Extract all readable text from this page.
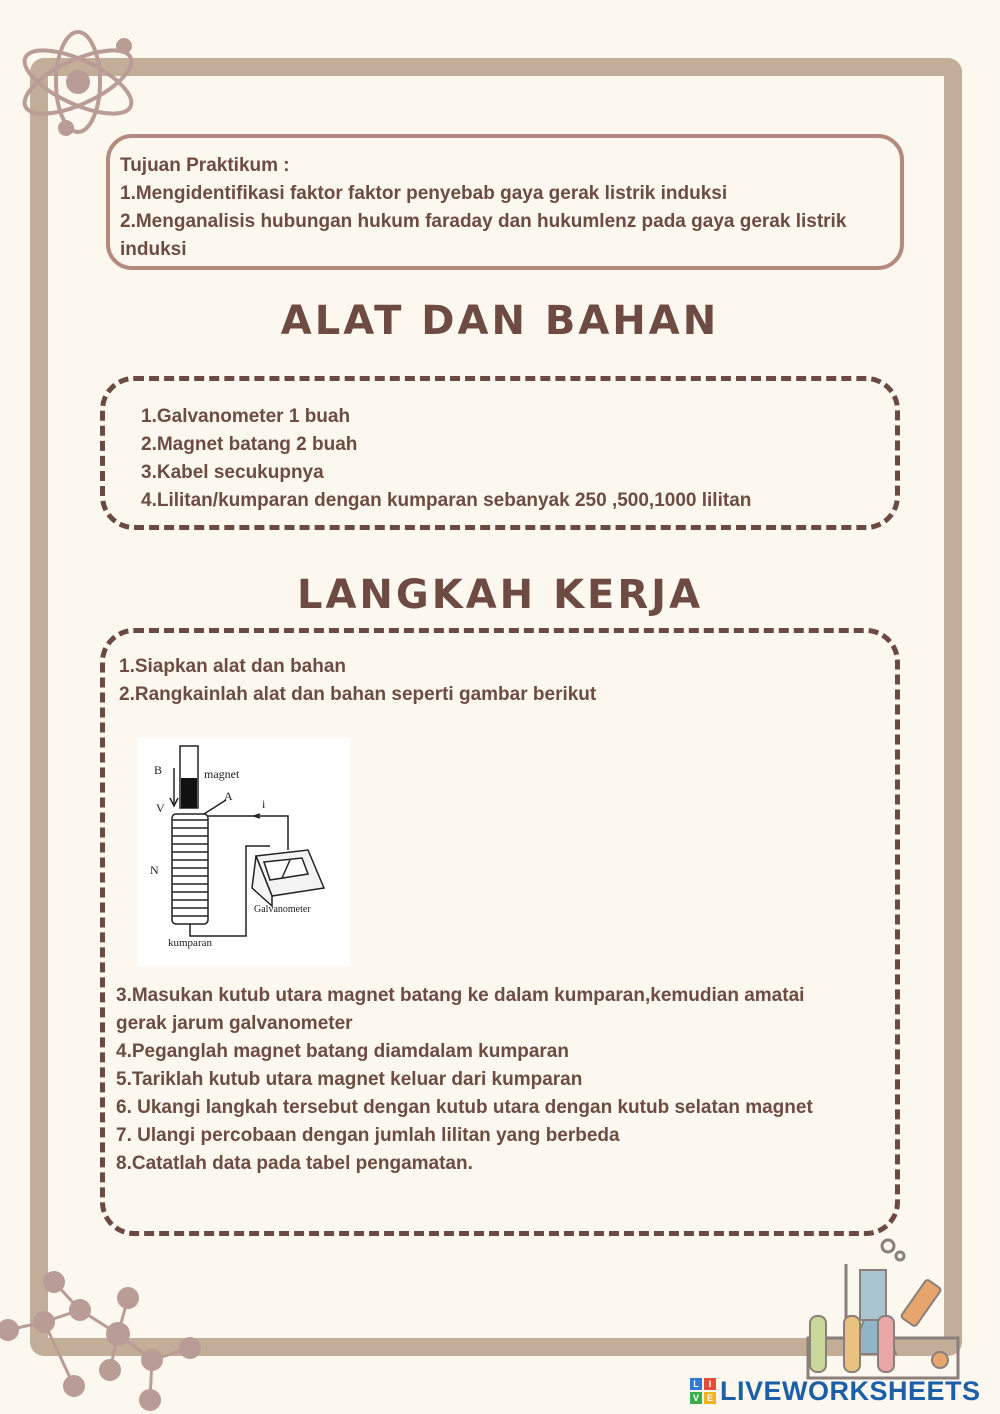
Tujuan Praktikum :
1.Mengidentifikasi faktor faktor penyebab gaya gerak listrik induksi
2.Menganalisis hubungan hukum faraday dan hukumlenz pada gaya gerak listrik induksi
ALAT DAN BAHAN
1.Galvanometer 1 buah
2.Magnet batang 2 buah
3.Kabel secukupnya
4.Lilitan/kumparan dengan kumparan sebanyak 250 ,500,1000 lilitan
LANGKAH KERJA
1.Siapkan alat dan bahan
2.Rangkainlah alat dan bahan seperti gambar berikut
B
V
magnet
A
i
N
Galvanometer
kumparan
3.Masukan kutub utara magnet batang ke dalam kumparan,kemudian amatai gerak jarum galvanometer
4.Peganglah magnet batang diamdalam kumparan
5.Tariklah kutub utara magnet keluar dari kumparan
6. Ukangi langkah tersebut dengan kutub utara dengan kutub selatan magnet
7. Ulangi percobaan dengan jumlah lilitan yang berbeda
8.Catatlah data pada tabel pengamatan.
L	I
V E LIVEWORKSHEETS
